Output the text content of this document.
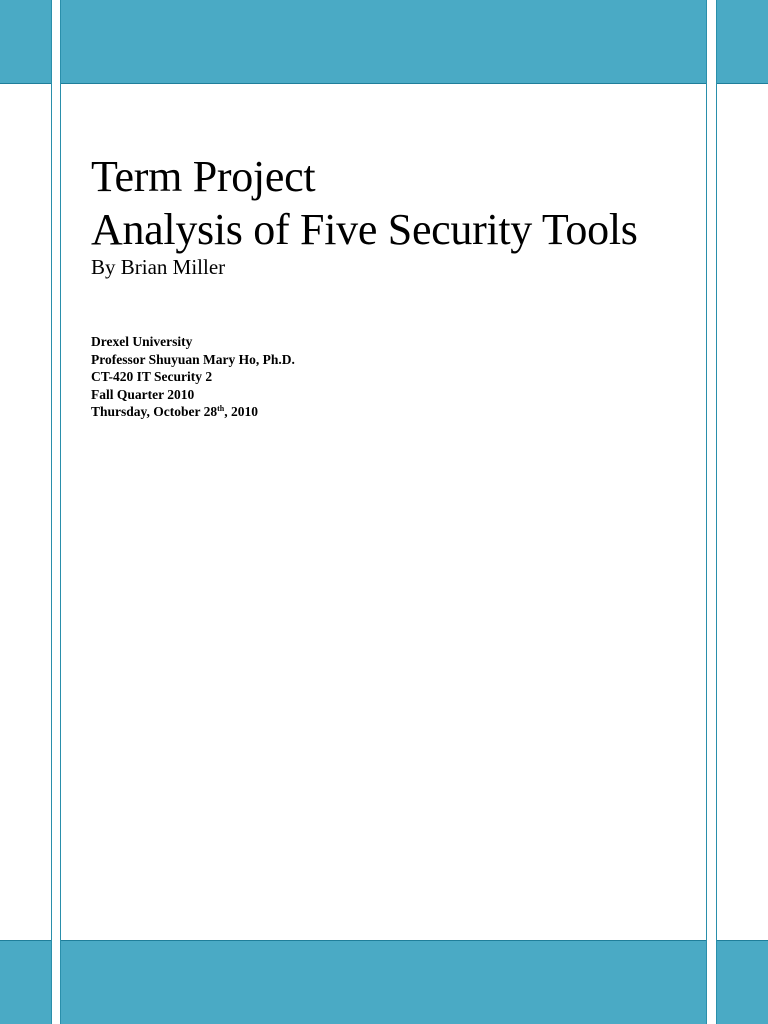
Term Project
Analysis of Five Security Tools
By Brian Miller
Drexel University
Professor Shuyuan Mary Ho, Ph.D.
CT-420 IT Security 2
Fall Quarter 2010
Thursday, October 28th, 2010
